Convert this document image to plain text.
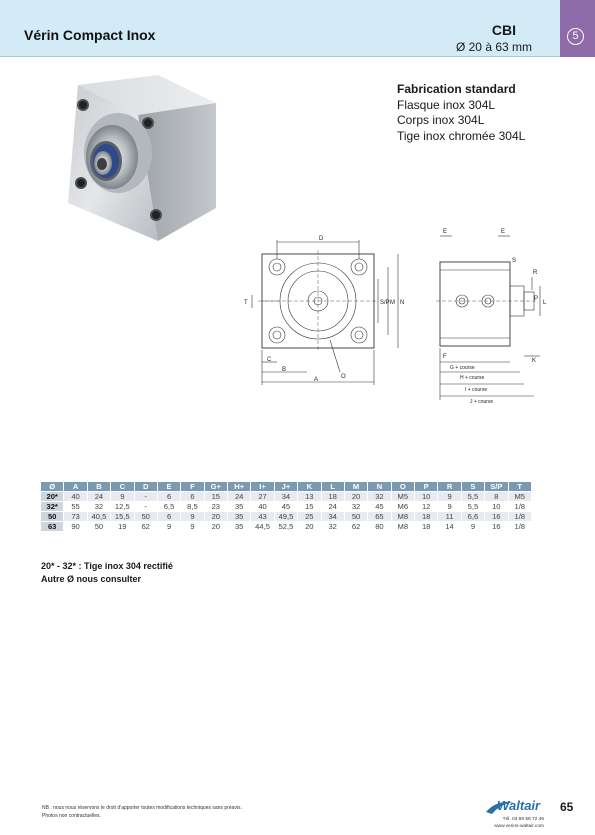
Vérin Compact Inox	CBI
Ø 20 à 63 mm
5
Fabrication standard
Flasque inox 304L
Corps inox 304L
Tige inox chromée 304L
D
T	S/P M N
C
B
A	O
E	E
S
R
P
L
F
K
G + course
H + course
I + course
J + course
Ø	A	B	C	D	E	F	G+	H+	I+	J+	K	L	M	N	O	P	R	S	S/P	T
20*	40	24	9	-	6	6	15	24	27	34	13	18	20	32	M5	10	9	5,5	8	M5
32*	55	32	12,5	-	6,5	8,5	23	35	40	45	15	24	32	45	M6	12	9	5,5	10	1/8
50	73	40,5	15,5	50	6	9	20	35	43	49,5	25	34	50	65	M8	18	11	6,6	16	1/8
63	90	50	19	62	9	9	20	35	44,5	52,5	20	32	62	80	M8	18	14	9	16	1/8
20* - 32* : Tige inox 304 rectifié
Autre Ø nous consulter
NB : nous nous réservons le droit d’apporter toutes modifications techniques sans préavis.
Photos non contractuelles.
Waltair
Tél. 03 89 58 72 46
www.verins-waltair.com
65
